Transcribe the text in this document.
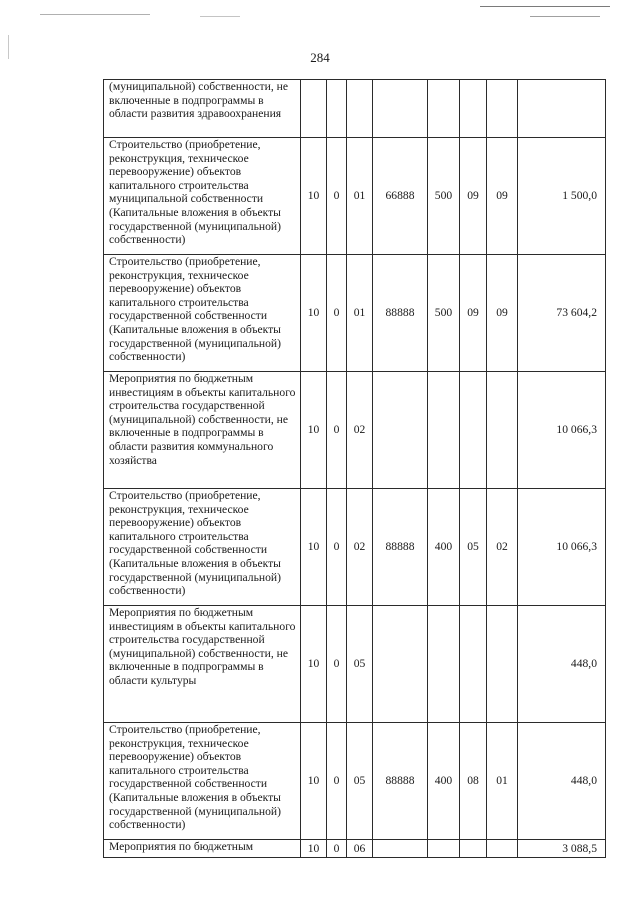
284
(муниципальной) собственности, не включенные в подпрограммы в области развития здравоохранения								
Строительство (приобретение, реконструкция, техническое перевооружение) объектов капитального строительства муниципальной собственности (Капитальные вложения в объекты государственной (муниципальной) собственности)	10	0	01	66888	500	09	09	1 500,0
Строительство (приобретение, реконструкция, техническое перевооружение) объектов капитального строительства государственной собственности (Капитальные вложения в объекты государственной (муниципальной) собственности)	10	0	01	88888	500	09	09	73 604,2
Мероприятия по бюджетным инвестициям в объекты капитального строительства государственной (муниципальной) собственности, не включенные в подпрограммы в области развития коммунального хозяйства	10	0	02					10 066,3
Строительство (приобретение, реконструкция, техническое перевооружение) объектов капитального строительства государственной собственности (Капитальные вложения в объекты государственной (муниципальной) собственности)	10	0	02	88888	400	05	02	10 066,3
Мероприятия по бюджетным инвестициям в объекты капитального строительства государственной (муниципальной) собственности, не включенные в подпрограммы в области культуры	10	0	05					448,0
Строительство (приобретение, реконструкция, техническое перевооружение) объектов капитального строительства государственной собственности (Капитальные вложения в объекты государственной (муниципальной) собственности)	10	0	05	88888	400	08	01	448,0
Мероприятия по бюджетным	10	0	06					3 088,5
